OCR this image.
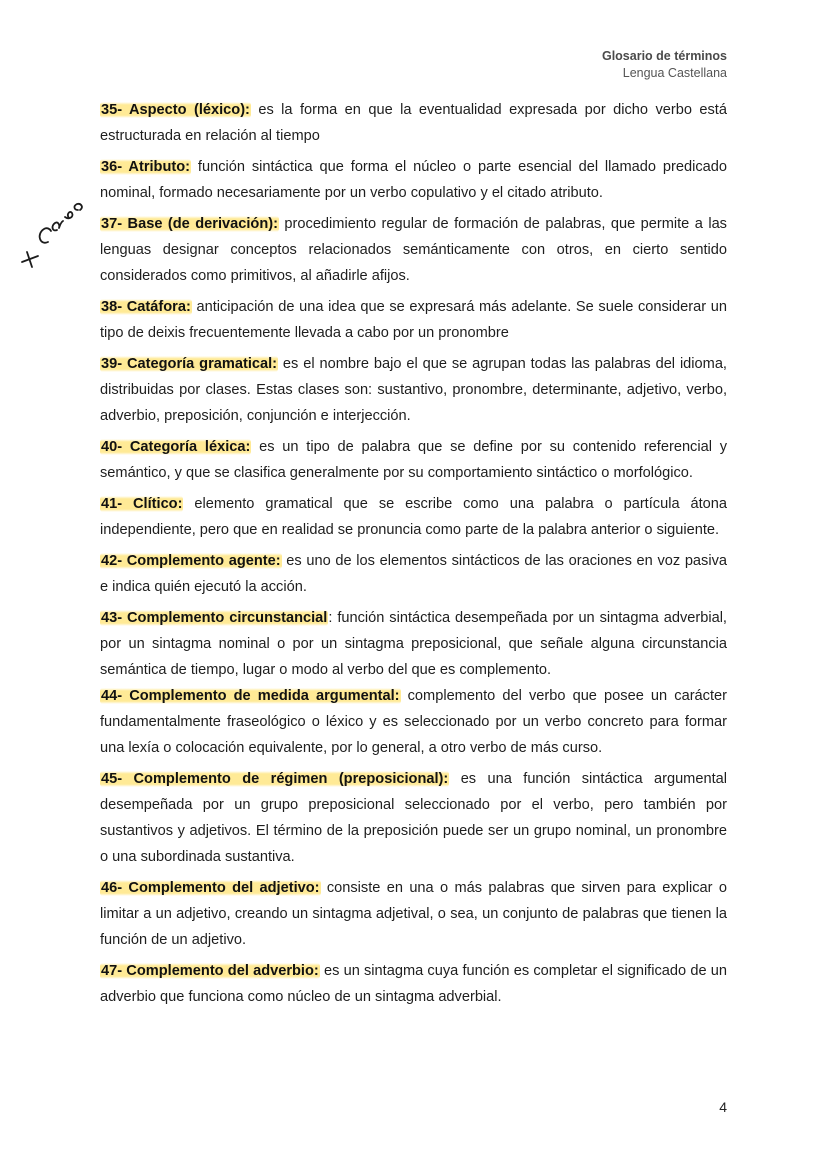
Glosario de términos
Lengua Castellana

35- Aspecto (léxico): es la forma en que la eventualidad expresada por dicho verbo está estructurada en relación al tiempo

36- Atributo: función sintáctica que forma el núcleo o parte esencial del llamado predicado nominal, formado necesariamente por un verbo copulativo y el citado atributo.

37- Base (de derivación): procedimiento regular de formación de palabras, que permite a las lenguas designar conceptos relacionados semánticamente con otros, en cierto sentido considerados como primitivos, al añadirle afijos.

38- Catáfora: anticipación de una idea que se expresará más adelante. Se suele considerar un tipo de deixis frecuentemente llevada a cabo por un pronombre

39- Categoría gramatical: es el nombre bajo el que se agrupan todas las palabras del idioma, distribuidas por clases. Estas clases son: sustantivo, pronombre, determinante, adjetivo, verbo, adverbio, preposición, conjunción e interjección.

40- Categoría léxica: es un tipo de palabra que se define por su contenido referencial y semántico, y que se clasifica generalmente por su comportamiento sintáctico o morfológico.

41- Clítico: elemento gramatical que se escribe como una palabra o partícula átona independiente, pero que en realidad se pronuncia como parte de la palabra anterior o siguiente.

42- Complemento agente: es uno de los elementos sintácticos de las oraciones en voz pasiva e indica quién ejecutó la acción.

43- Complemento circunstancial: función sintáctica desempeñada por un sintagma adverbial, por un sintagma nominal o por un sintagma preposicional, que señale alguna circunstancia semántica de tiempo, lugar o modo al verbo del que es complemento.

44- Complemento de medida argumental: complemento del verbo que posee un carácter fundamentalmente fraseológico o léxico y es seleccionado por un verbo concreto para formar una lexía o colocación equivalente, por lo general, a otro verbo de más curso.

45- Complemento de régimen (preposicional): es una función sintáctica argumental desempeñada por un grupo preposicional seleccionado por el verbo, pero también por sustantivos y adjetivos. El término de la preposición puede ser un grupo nominal, un pronombre o una subordinada sustantiva.

46- Complemento del adjetivo: consiste en una o más palabras que sirven para explicar o limitar a un adjetivo, creando un sintagma adjetival, o sea, un conjunto de palabras que tienen la función de un adjetivo.

47- Complemento del adverbio: es un sintagma cuya función es completar el significado de un adverbio que funciona como núcleo de un sintagma adverbial.

4
